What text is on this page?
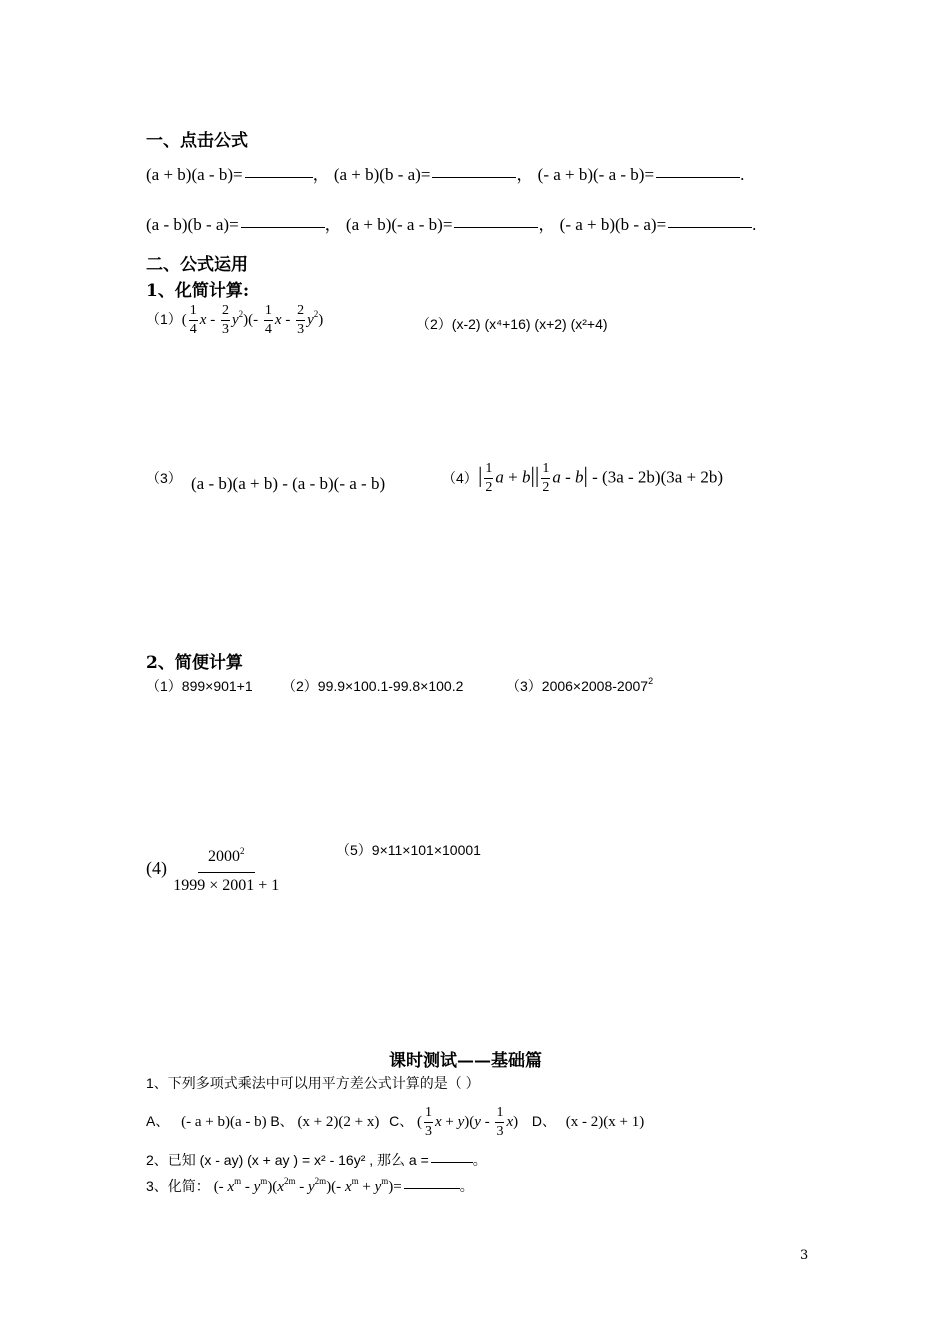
一、点击公式
(a + b)(a - b)=	， (a + b)(b - a)=	， (- a + b)(- a - b)=	.
(a - b)(b - a)=	， (a + b)(- a - b)=	， (- a + b)(b - a)=	.
二、公式运用
1、化简计算:
$(1)( \frac{1}{4}$ x - $\frac{2}{3} y^2)(- \frac{1}{4}$ x - $\frac{2}{3} y^2$)	（2）(x-2) (x⁴+16) (x+2) (x²+4)
（3） (a - b)(a + b) - (a - b)(- a - b)	（4） | $\frac{1}{2}$ $a + b|| \frac{1}{2}$ a - b| - (3a - 2b)(3a + 2b)
2、简便计算
（1）899×901+1 （2）99.9×100.1-99.8×100.2	$(3)2006\times 2008-2007^2$
$(4) \frac{2000^2}{1999 \times 2001 + 1}$	（5）9×11×101×10001
课时测试——基础篇
1、下列多项式乘法中可以用平方差公式计算的是（ ）
A、 (- a + b)(a - b) B、 (x + 2)(2 + x) C、 ( $\frac{1}{3}$ $x + y)(y - \frac{1}{3} x)$ D、 (x - 2)(x + 1)
2、已知 (x - ay) (x + ay ) = x² - 16y² , 那么 a =	。
3、化简： (- $x^m - y^m)(x^{2m} - y^{2m})(-$ $x^m + y^m)=$	。
3
